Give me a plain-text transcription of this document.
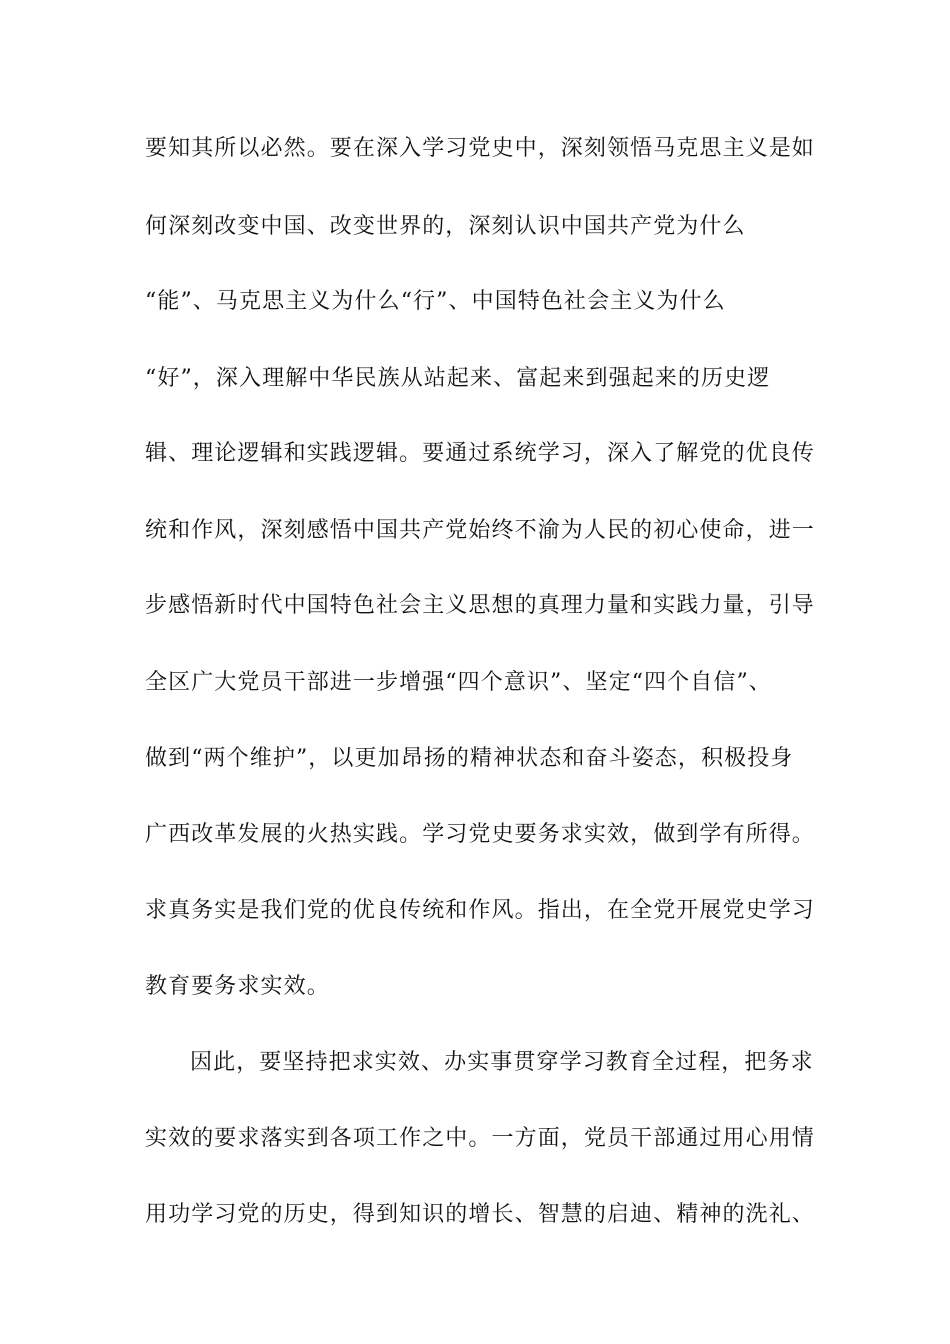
要知其所以必然。要在深入学习党史中，深刻领悟马克思主义是如
何深刻改变中国、改变世界的，深刻认识中国共产党为什么
“能”、马克思主义为什么“行”、中国特色社会主义为什么
“好”，深入理解中华民族从站起来、富起来到强起来的历史逻
辑、理论逻辑和实践逻辑。要通过系统学习，深入了解党的优良传
统和作风，深刻感悟中国共产党始终不渝为人民的初心使命，进一
步感悟新时代中国特色社会主义思想的真理力量和实践力量，引导
全区广大党员干部进一步增强“四个意识”、坚定“四个自信”、
做到“两个维护”，以更加昂扬的精神状态和奋斗姿态，积极投身
广西改革发展的火热实践。学习党史要务求实效，做到学有所得。
求真务实是我们党的优良传统和作风。指出，在全党开展党史学习
教育要务求实效。
因此，要坚持把求实效、办实事贯穿学习教育全过程，把务求
实效的要求落实到各项工作之中。一方面，党员干部通过用心用情
用功学习党的历史，得到知识的增长、智慧的启迪、精神的洗礼、
